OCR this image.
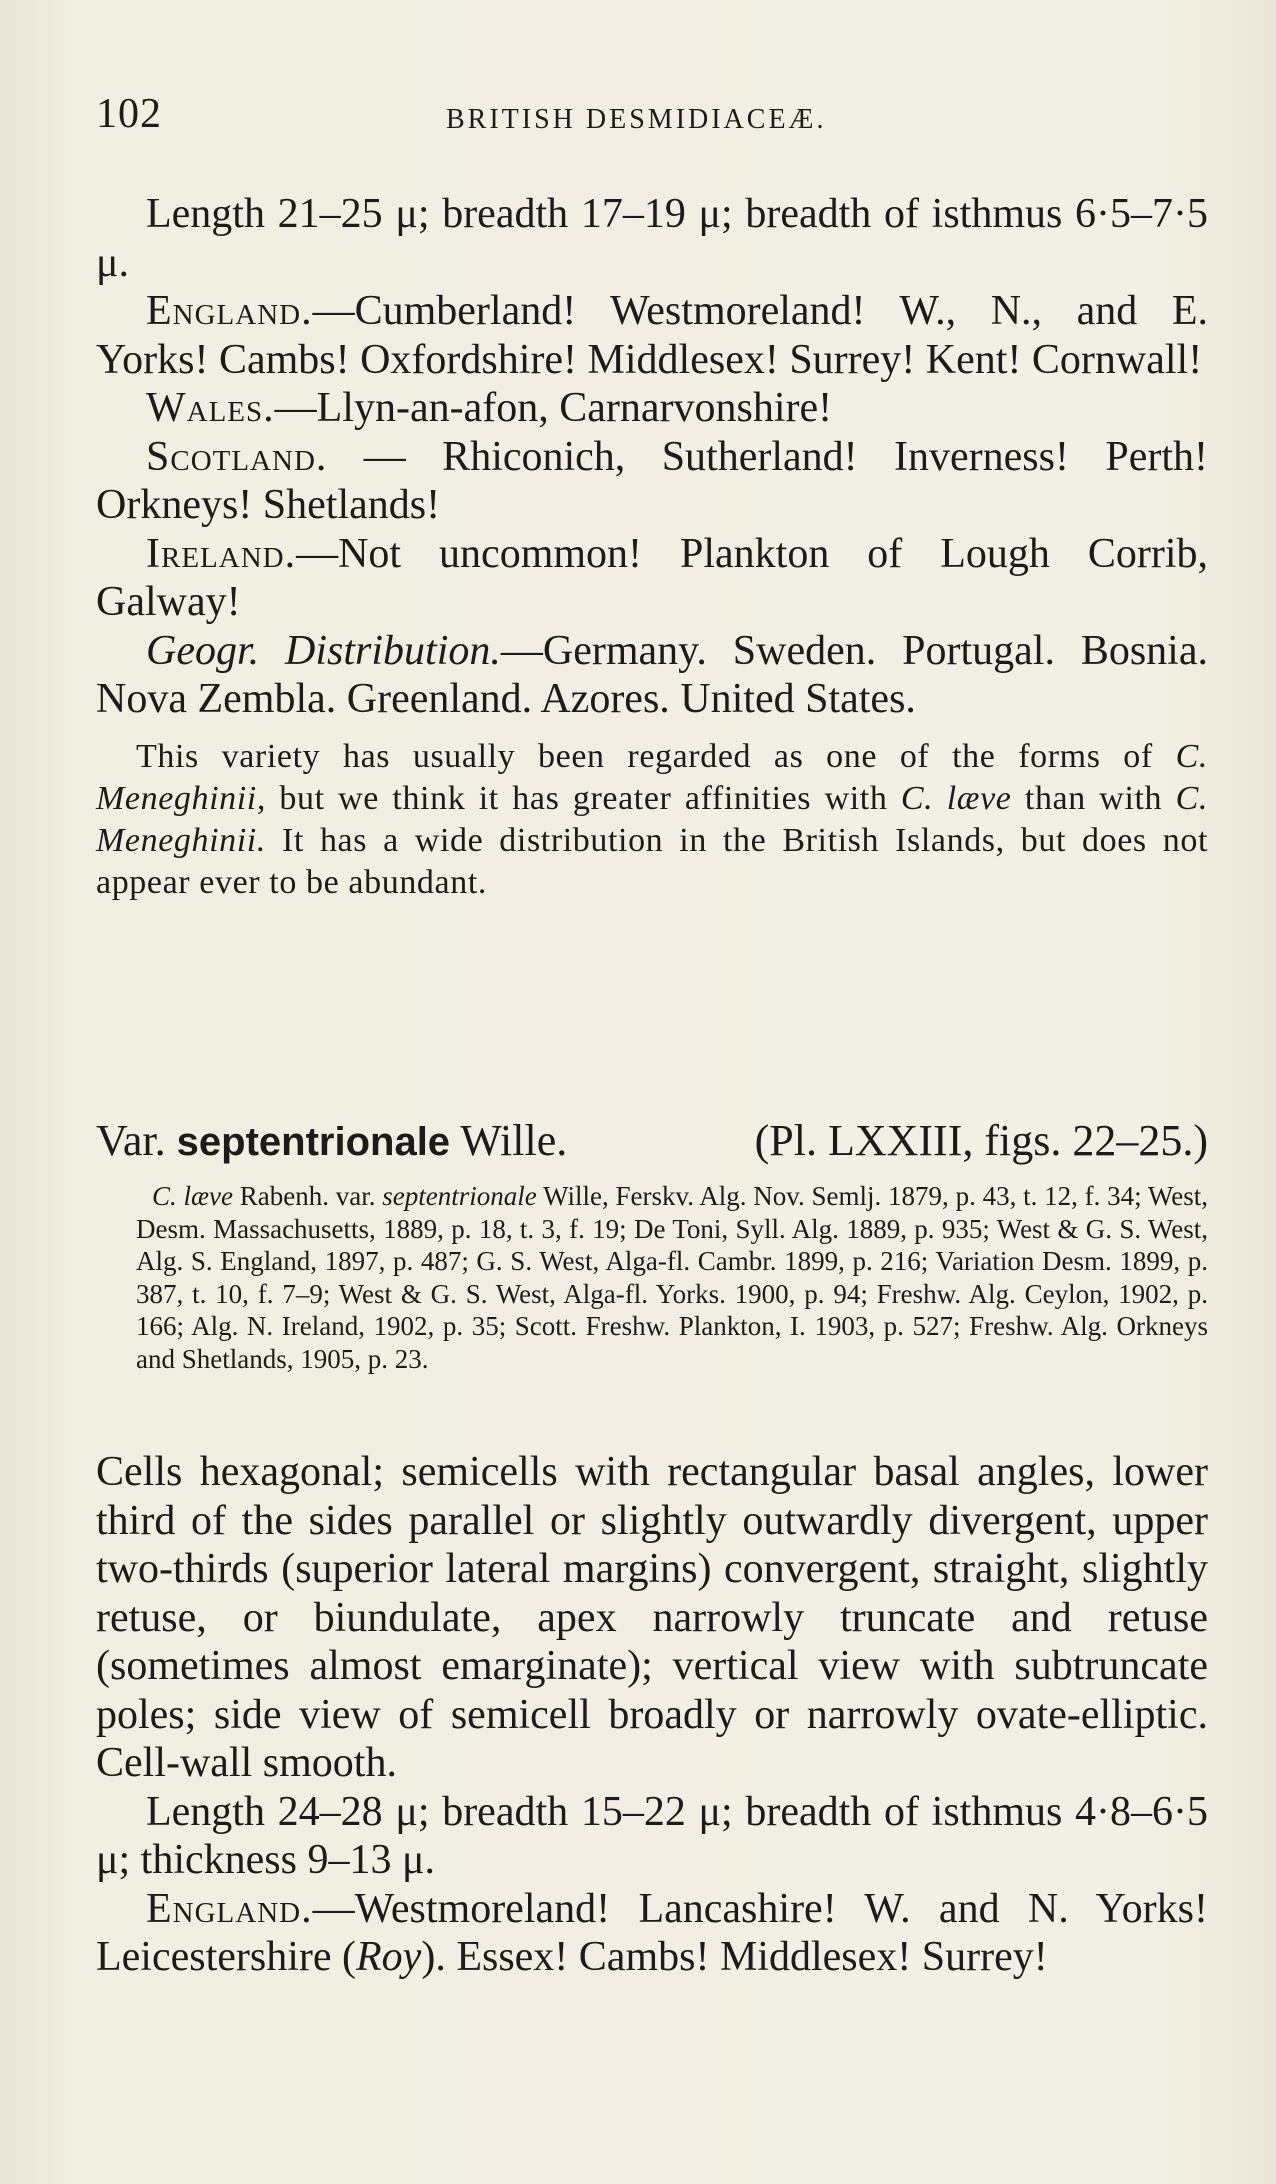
102	BRITISH DESMIDIACEÆ.

Length 21–25 μ; breadth 17–19 μ; breadth of isthmus 6·5–7·5 μ.

England.—Cumberland! Westmoreland! W., N., and E. Yorks! Cambs! Oxfordshire! Middlesex! Surrey! Kent! Cornwall!

Wales.—Llyn-an-afon, Carnarvonshire!

Scotland. — Rhiconich, Sutherland! Inverness! Perth! Orkneys! Shetlands!

Ireland.—Not uncommon! Plankton of Lough Corrib, Galway!

Geogr. Distribution.—Germany. Sweden. Portugal. Bosnia. Nova Zembla. Greenland. Azores. United States.

This variety has usually been regarded as one of the forms of C. Meneghinii, but we think it has greater affinities with C. læve than with C. Meneghinii. It has a wide distribution in the British Islands, but does not appear ever to be abundant.

Var. septentrionale Wille.	(Pl. LXXIII, figs. 22–25.)

C. læve Rabenh. var. septentrionale Wille, Ferskv. Alg. Nov. Semlj. 1879, p. 43, t. 12, f. 34; West, Desm. Massachusetts, 1889, p. 18, t. 3, f. 19; De Toni, Syll. Alg. 1889, p. 935; West & G. S. West, Alg. S. England, 1897, p. 487; G. S. West, Alga-fl. Cambr. 1899, p. 216; Variation Desm. 1899, p. 387, t. 10, f. 7–9; West & G. S. West, Alga-fl. Yorks. 1900, p. 94; Freshw. Alg. Ceylon, 1902, p. 166; Alg. N. Ireland, 1902, p. 35; Scott. Freshw. Plankton, I. 1903, p. 527; Freshw. Alg. Orkneys and Shetlands, 1905, p. 23.

Cells hexagonal; semicells with rectangular basal angles, lower third of the sides parallel or slightly outwardly divergent, upper two-thirds (superior lateral margins) convergent, straight, slightly retuse, or biundulate, apex narrowly truncate and retuse (sometimes almost emarginate); vertical view with subtruncate poles; side view of semicell broadly or narrowly ovate-elliptic. Cell-wall smooth.

Length 24–28 μ; breadth 15–22 μ; breadth of isthmus 4·8–6·5 μ; thickness 9–13 μ.

England.—Westmoreland! Lancashire! W. and N. Yorks! Leicestershire (Roy). Essex! Cambs! Middlesex! Surrey!
